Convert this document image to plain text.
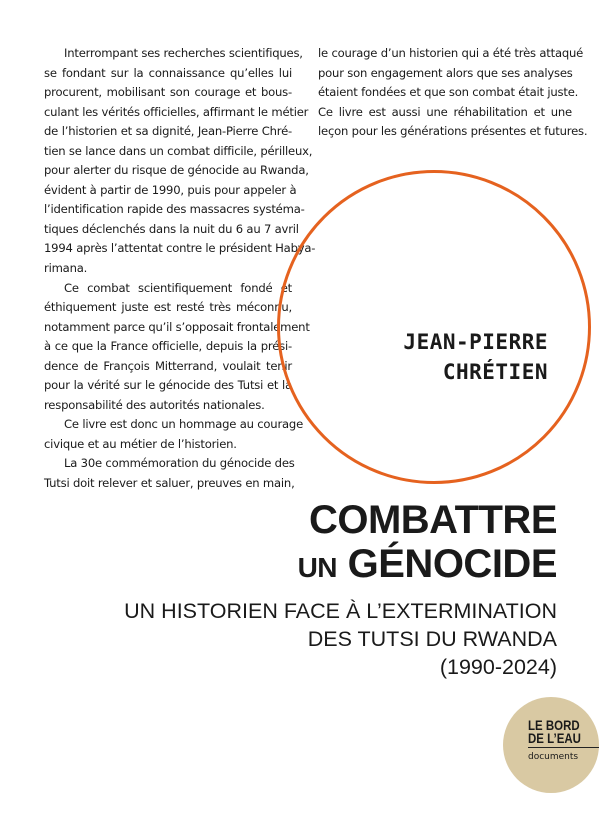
Interrompant ses recherches scientifiques,
se fondant sur la connaissance qu’elles lui
procurent, mobilisant son courage et bous-
culant les vérités officielles, affirmant le métier
de l’historien et sa dignité, Jean-Pierre Chré-
tien se lance dans un combat difficile, périlleux,
pour alerter du risque de génocide au Rwanda,
évident à partir de 1990, puis pour appeler à
l’identification rapide des massacres systéma-
tiques déclenchés dans la nuit du 6 au 7 avril
1994 après l’attentat contre le président Habya-
rimana.
Ce combat scientifiquement fondé et
éthiquement juste est resté très méconnu,
notamment parce qu’il s’opposait frontalement
à ce que la France officielle, depuis la prési-
dence de François Mitterrand, voulait tenir
pour la vérité sur le génocide des Tutsi et la
responsabilité des autorités nationales.
Ce livre est donc un hommage au courage
civique et au métier de l’historien.
La 30e commémoration du génocide des
Tutsi doit relever et saluer, preuves en main,
le courage d’un historien qui a été très attaqué
pour son engagement alors que ses analyses
étaient fondées et que son combat était juste.
Ce livre est aussi une réhabilitation et une
leçon pour les générations présentes et futures.
JEAN-PIERRE
CHRÉTIEN
COMBATTRE
UN GÉNOCIDE
UN HISTORIEN FACE À L’EXTERMINATION
DES TUTSI DU RWANDA
(1990-2024)
LE BORD
DE L’EAU
documents
